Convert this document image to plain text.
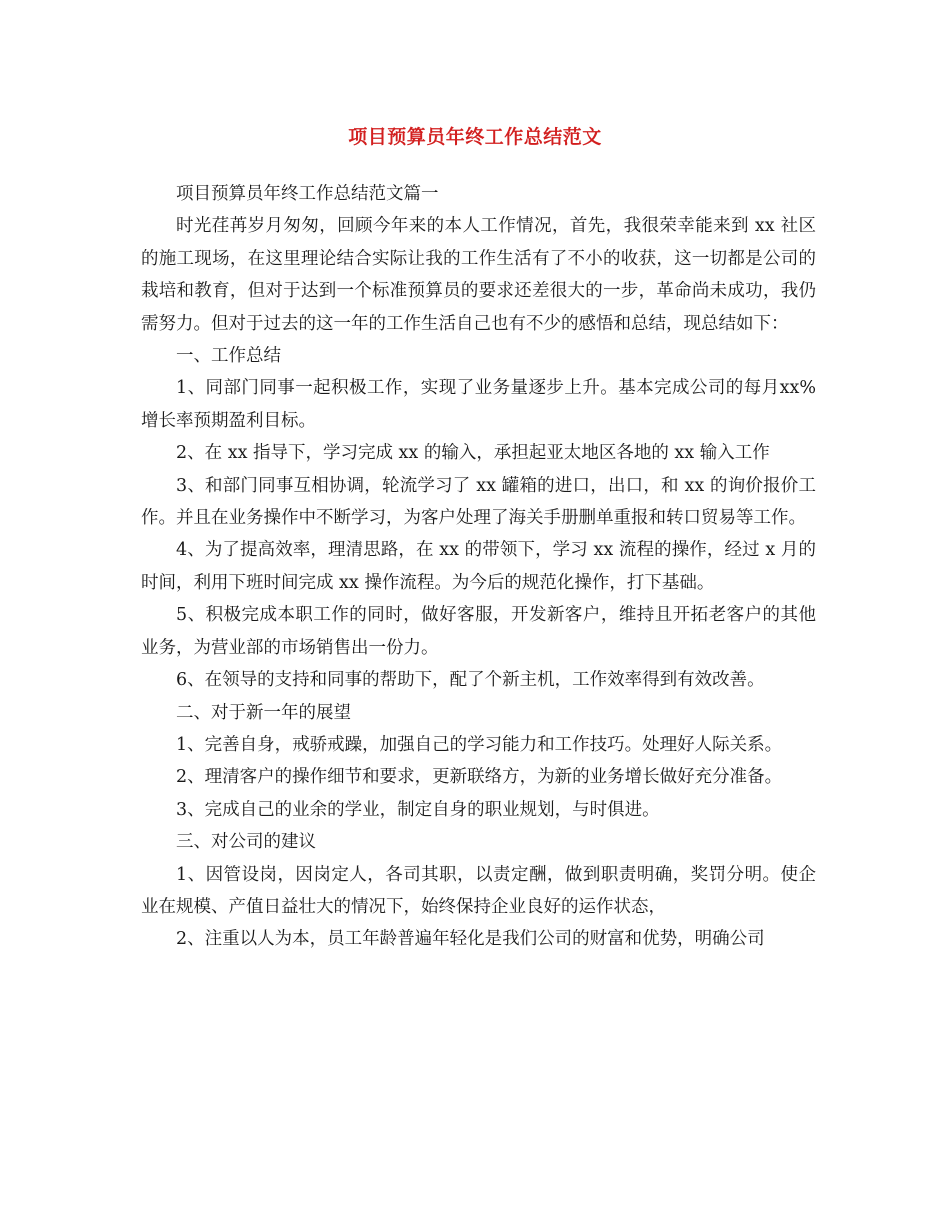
项目预算员年终工作总结范文

项目预算员年终工作总结范文篇一

时光荏苒岁月匆匆，回顾今年来的本人工作情况，首先，我很荣幸能来到 xx 社区的施工现场，在这里理论结合实际让我的工作生活有了不小的收获，这一切都是公司的栽培和教育，但对于达到一个标准预算员的要求还差很大的一步，革命尚未成功，我仍需努力。但对于过去的这一年的工作生活自己也有不少的感悟和总结，现总结如下：

一、工作总结

1、同部门同事一起积极工作，实现了业务量逐步上升。基本完成公司的每月xx%增长率预期盈利目标。

2、在 xx 指导下，学习完成 xx 的输入，承担起亚太地区各地的 xx 输入工作

3、和部门同事互相协调，轮流学习了 xx 罐箱的进口，出口，和 xx 的询价报价工作。并且在业务操作中不断学习，为客户处理了海关手册删单重报和转口贸易等工作。

4、为了提高效率，理清思路，在 xx 的带领下，学习 xx 流程的操作，经过 x 月的时间，利用下班时间完成 xx 操作流程。为今后的规范化操作，打下基础。

5、积极完成本职工作的同时，做好客服，开发新客户，维持且开拓老客户的其他业务，为营业部的市场销售出一份力。

6、在领导的支持和同事的帮助下，配了个新主机，工作效率得到有效改善。

二、对于新一年的展望

1、完善自身，戒骄戒躁，加强自己的学习能力和工作技巧。处理好人际关系。

2、理清客户的操作细节和要求，更新联络方，为新的业务增长做好充分准备。

3、完成自己的业余的学业，制定自身的职业规划，与时俱进。

三、对公司的建议

1、因管设岗，因岗定人，各司其职，以责定酬，做到职责明确，奖罚分明。使企业在规模、产值日益壮大的情况下，始终保持企业良好的运作状态，

2、注重以人为本，员工年龄普遍年轻化是我们公司的财富和优势，明确公司
